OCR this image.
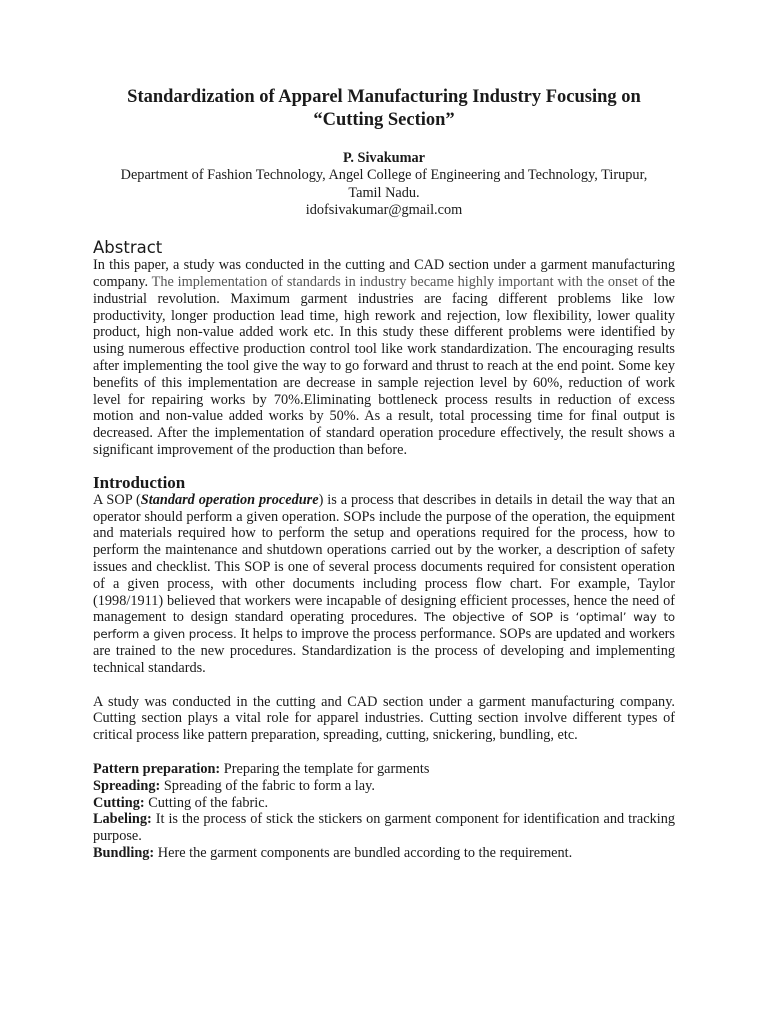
Standardization of Apparel Manufacturing Industry Focusing on
“Cutting Section”
P. Sivakumar
Department of Fashion Technology, Angel College of Engineering and Technology, Tirupur,
Tamil Nadu.
idofsivakumar@gmail.com
Abstract

In this paper, a study was conducted in the cutting and CAD section under a garment manufacturing company. The implementation of standards in industry became highly important with the onset of the industrial revolution. Maximum garment industries are facing different problems like low productivity, longer production lead time, high rework and rejection, low flexibility, lower quality product, high non-value added work etc. In this study these different problems were identified by using numerous effective production control tool like work standardization. The encouraging results after implementing the tool give the way to go forward and thrust to reach at the end point. Some key benefits of this implementation are decrease in sample rejection level by 60%, reduction of work level for repairing works by 70%.Eliminating bottleneck process results in reduction of excess motion and non-value added works by 50%. As a result, total processing time for final output is decreased. After the implementation of standard operation procedure effectively, the result shows a significant improvement of the production than before.

Introduction

A SOP (Standard operation procedure) is a process that describes in details in detail the way that an operator should perform a given operation. SOPs include the purpose of the operation, the equipment and materials required how to perform the setup and operations required for the process, how to perform the maintenance and shutdown operations carried out by the worker, a description of safety issues and checklist. This SOP is one of several process documents required for consistent operation of a given process, with other documents including process flow chart. For example, Taylor (1998/1911) believed that workers were incapable of designing efficient processes, hence the need of management to design standard operating procedures. The objective of SOP is ‘optimal’ way to perform a given process. It helps to improve the process performance. SOPs are updated and workers are trained to the new procedures. Standardization is the process of developing and implementing technical standards.

A study was conducted in the cutting and CAD section under a garment manufacturing company. Cutting section plays a vital role for apparel industries. Cutting section involve different types of critical process like pattern preparation, spreading, cutting, snickering, bundling, etc.

Pattern preparation: Preparing the template for garments

Spreading: Spreading of the fabric to form a lay.

Cutting: Cutting of the fabric.

Labeling: It is the process of stick the stickers on garment component for identification and tracking purpose.

Bundling: Here the garment components are bundled according to the requirement.
